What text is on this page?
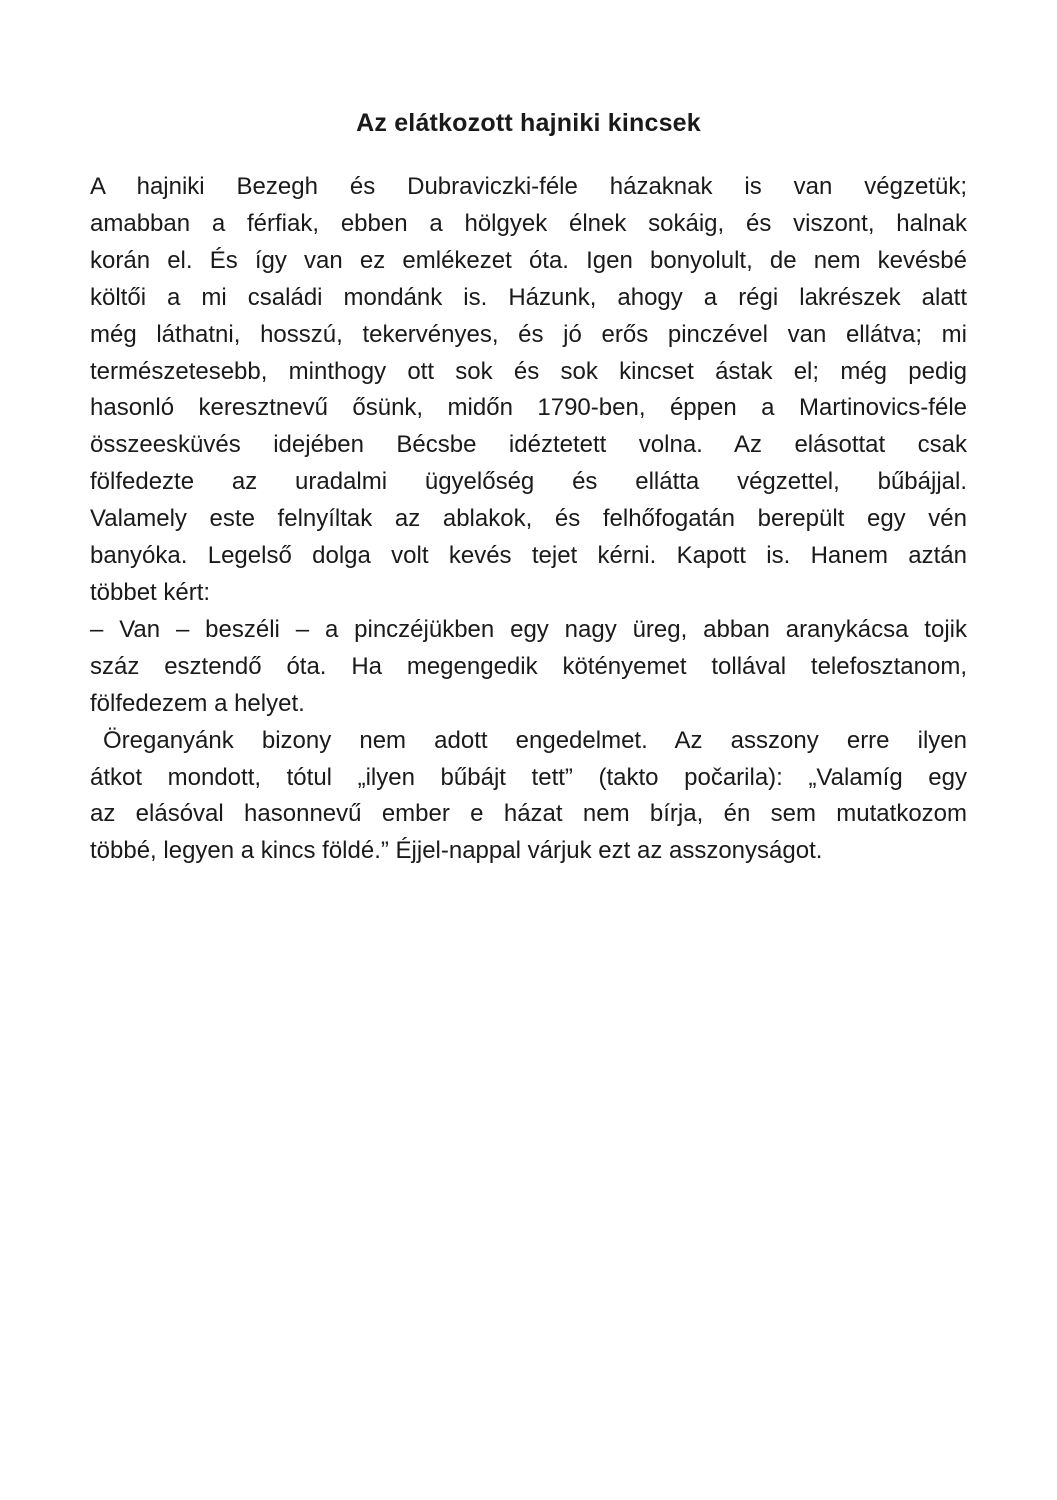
Az elátkozott hajniki kincsek
A hajniki Bezegh és Dubraviczki-féle házaknak is van végzetük;
amabban a férfiak, ebben a hölgyek élnek sokáig, és viszont, halnak
korán el. És így van ez emlékezet óta. Igen bonyolult, de nem kevésbé
költői a mi családi mondánk is. Házunk, ahogy a régi lakrészek alatt
még láthatni, hosszú, tekervényes, és jó erős pinczével van ellátva; mi
természetesebb, minthogy ott sok és sok kincset ástak el; még pedig
hasonló keresztnevű ősünk, midőn 1790-ben, éppen a Martinovics-féle
összeesküvés idejében Bécsbe idéztetett volna. Az elásottat csak
fölfedezte az uradalmi ügyelőség és ellátta végzettel, bűbájjal.
Valamely este felnyíltak az ablakok, és felhőfogatán berepült egy vén
banyóka. Legelső dolga volt kevés tejet kérni. Kapott is. Hanem aztán
többet kért:
– Van – beszéli – a pinczéjükben egy nagy üreg, abban aranykácsa tojik
száz esztendő óta. Ha megengedik kötényemet tollával telefosztanom,
fölfedezem a helyet.
Öreganyánk bizony nem adott engedelmet. Az asszony erre ilyen
átkot mondott, tótul „ilyen bűbájt tett” (takto počarila): „Valamíg egy
az elásóval hasonnevű ember e házat nem bírja, én sem mutatkozom
többé, legyen a kincs földé.” Éjjel-nappal várjuk ezt az asszonyságot.
